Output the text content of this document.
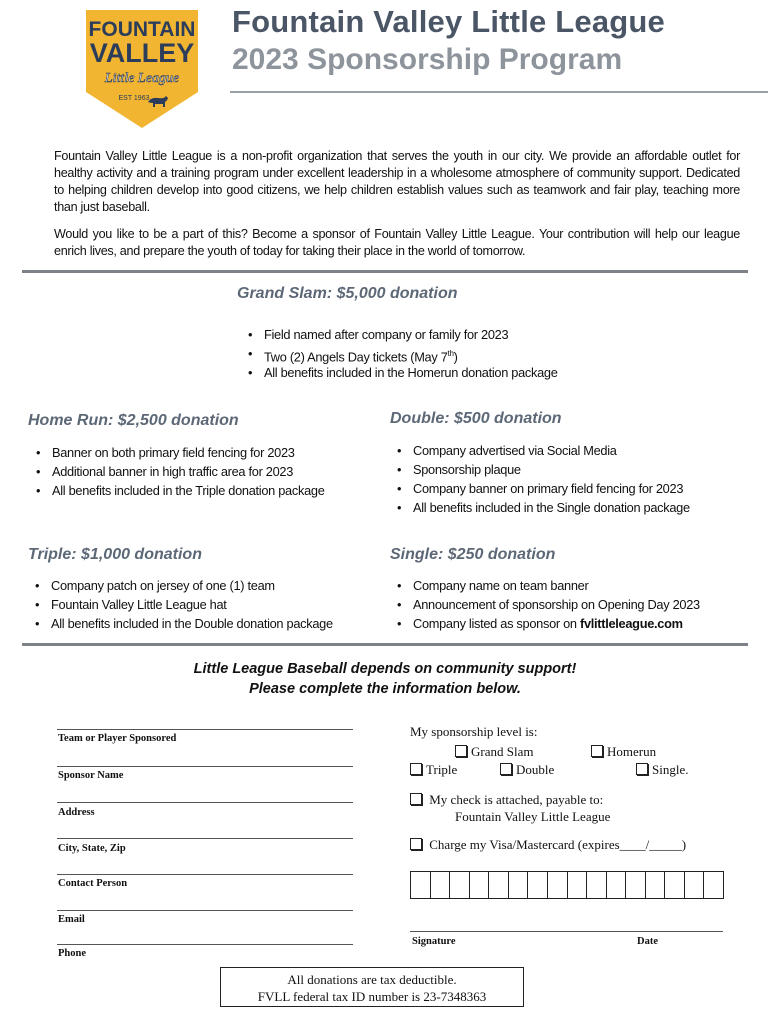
FOUNTAIN
VALLEY
Little League
EST 1963
Fountain Valley Little League
2023 Sponsorship Program
Fountain Valley Little League is a non-profit organization that serves the youth in our city. We provide an affordable outlet for healthy activity and a training program under excellent leadership in a wholesome atmosphere of community support. Dedicated to helping children develop into good citizens, we help children establish values such as teamwork and fair play, teaching more than just baseball.
Would you like to be a part of this? Become a sponsor of Fountain Valley Little League. Your contribution will help our league enrich lives, and prepare the youth of today for taking their place in the world of tomorrow.
Grand Slam: $5,000 donation
• Field named after company or family for 2023
• Two (2) Angels Day tickets (May 7th)
• All benefits included in the Homerun donation package
Home Run: $2,500 donation
• Banner on both primary field fencing for 2023
• Additional banner in high traffic area for 2023
• All benefits included in the Triple donation package
Double: $500 donation
• Company advertised via Social Media
• Sponsorship plaque
• Company banner on primary field fencing for 2023
• All benefits included in the Single donation package
Triple: $1,000 donation
• Company patch on jersey of one (1) team
• Fountain Valley Little League hat
• All benefits included in the Double donation package
Single: $250 donation
• Company name on team banner
• Announcement of sponsorship on Opening Day 2023
• Company listed as sponsor on fvlittleleague.com
Little League Baseball depends on community support!
Please complete the information below.
Team or Player Sponsored
Sponsor Name
Address
City, State, Zip
Contact Person
Email
Phone
My sponsorship level is:
Grand Slam	Homerun
Triple	Double	Single.
My check is attached, payable to:
Fountain Valley Little League
Charge my Visa/Mastercard (expires____/_____)
Signature	Date
All donations are tax deductible.
FVLL federal tax ID number is 23-7348363
